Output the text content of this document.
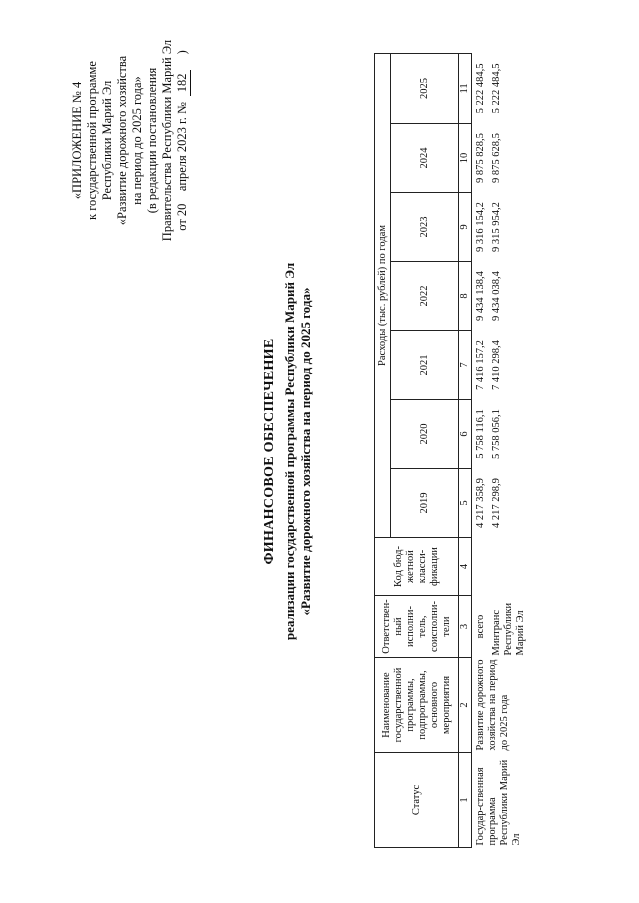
«ПРИЛОЖЕНИЕ № 4 к государственной программе Республики Марий Эл «Развитие дорожного хозяйства на период до 2025 года» (в редакции постановления Правительства Республики Марий Эл от 20    апреля 2023 г. № 182    )
ФИНАНСОВОЕ ОБЕСПЕЧЕНИЕ реализации государственной программы Республики Марий Эл «Развитие дорожного хозяйства на период до 2025 года»
Статус	Наименование государственной программы, подпрограммы, основного мероприятия	Ответствен-ный исполни-тель, соисполни-тели	Код бюд-жетной класси-фикации	Расходы (тыс. рублей) по годам						
				2019	2020	2021	2022	2023	2024	2025
1	2	3	4	5	6	7	8	9	10	11
Государ-ственная программа Республики Марий Эл	Развитие дорожного хозяйства на период до 2025 года	всего		4 217 358,9	5 758 116,1	7 416 157,2	9 434 138,4	9 316 154,2	9 875 828,5	5 222 484,5
		Минтранс Республики Марий Эл		4 217 298,9	5 758 056,1	7 410 298,4	9 434 038,4	9 315 954,2	9 875 628,5	5 222 484,5
